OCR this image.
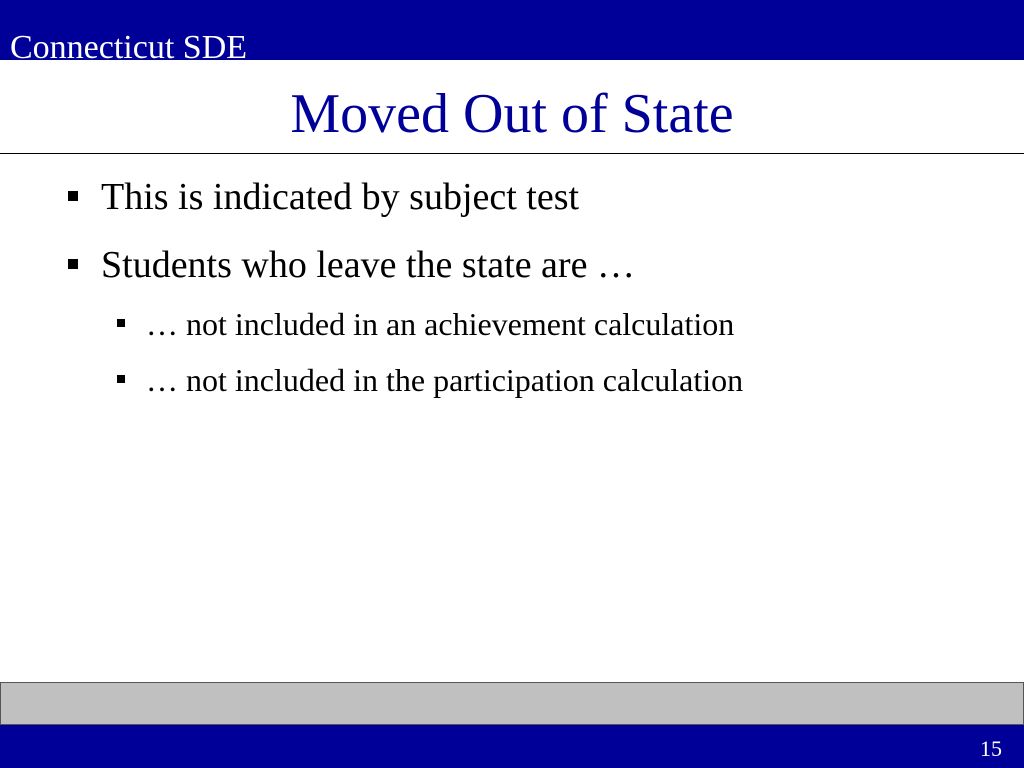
Connecticut SDE
Moved Out of State
This is indicated by subject test
Students who leave the state are …
… not included in an achievement calculation
… not included in the participation calculation
15
